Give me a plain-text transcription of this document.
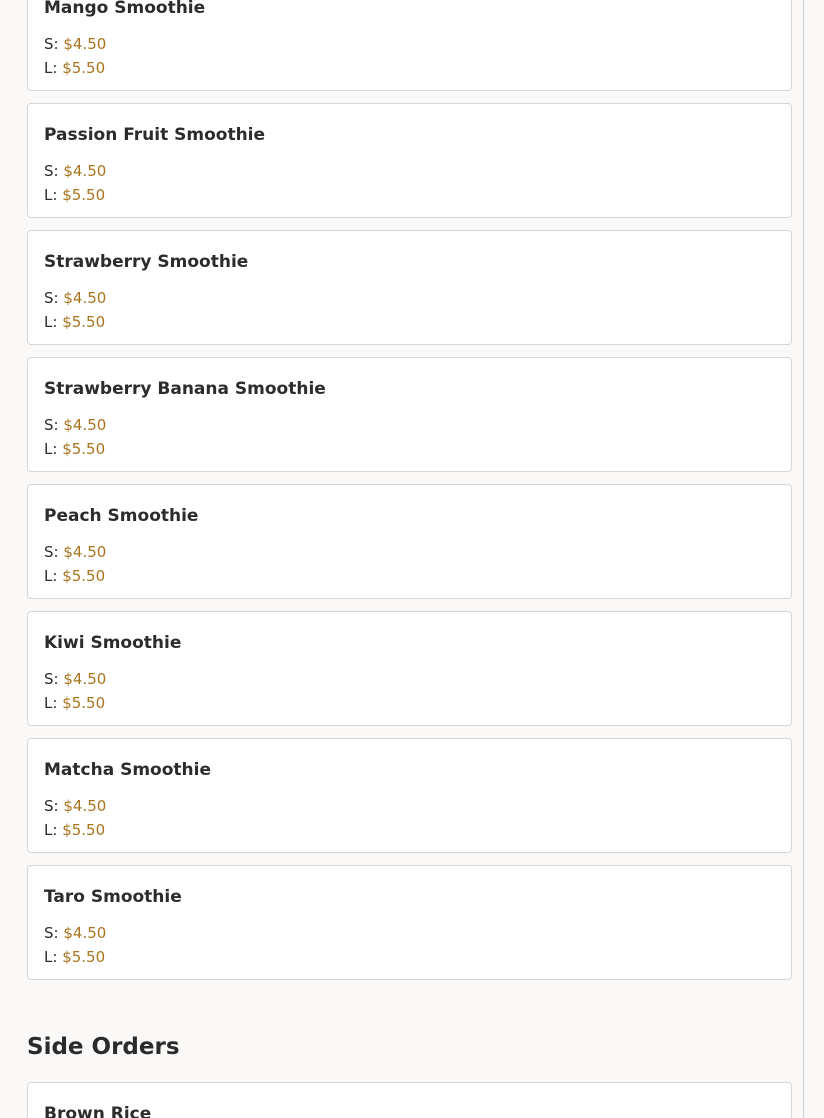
Mango Smoothie
S: $4.50
L: $5.50
Passion Fruit Smoothie
S: $4.50
L: $5.50
Strawberry Smoothie
S: $4.50
L: $5.50
Strawberry Banana Smoothie
S: $4.50
L: $5.50
Peach Smoothie
S: $4.50
L: $5.50
Kiwi Smoothie
S: $4.50
L: $5.50
Matcha Smoothie
S: $4.50
L: $5.50
Taro Smoothie
S: $4.50
L: $5.50
Side Orders
Brown Rice
